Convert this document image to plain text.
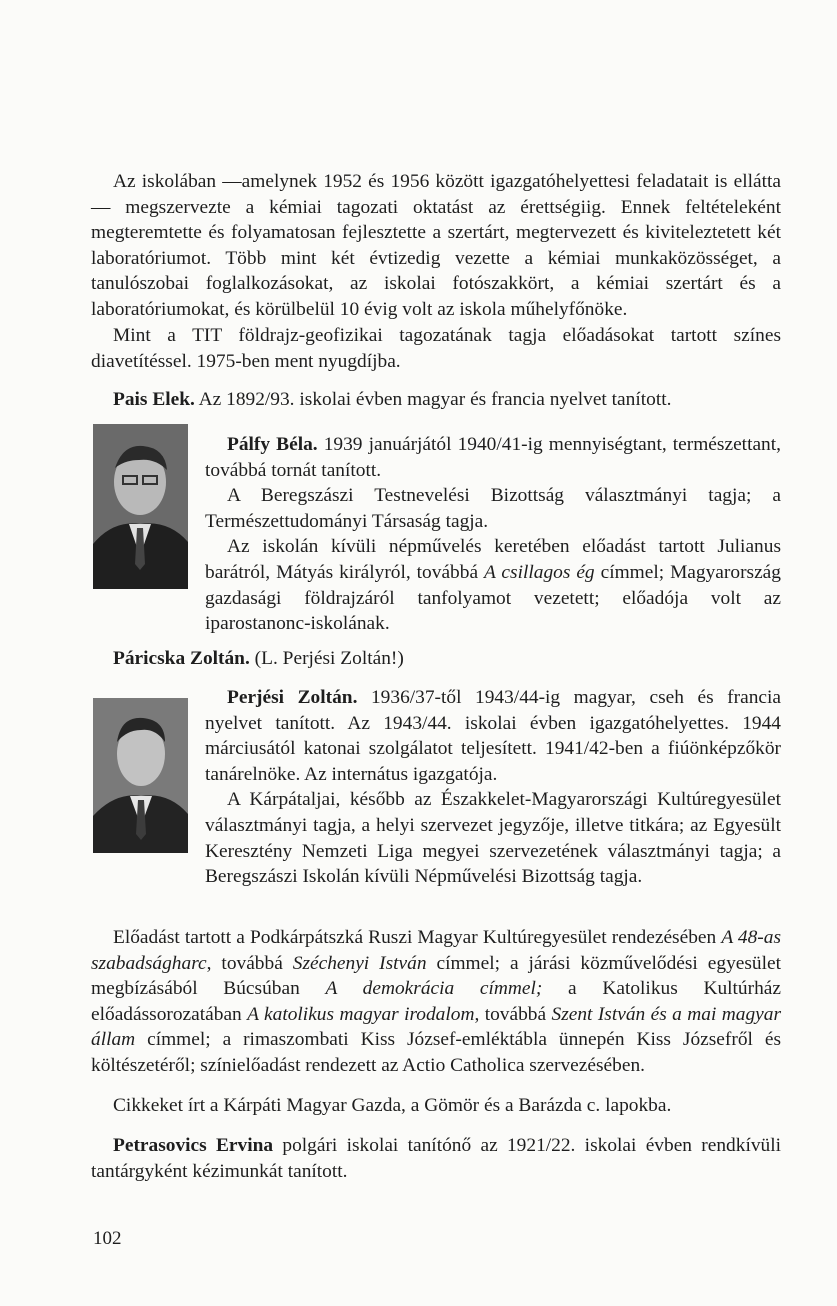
Az iskolában —amelynek 1952 és 1956 között igazgatóhelyettesi feladatait is ellátta — megszervezte a kémiai tagozati oktatást az érettségiig. Ennek feltételeként megteremtette és folyamatosan fejlesztette a szertárt, megtervezett és kiviteleztetett két laboratóriumot. Több mint két évtizedig vezette a kémiai munkaközösséget, a tanulószobai foglalkozásokat, az iskolai fotószakkört, a kémiai szertárt és a laboratóriumokat, és körülbelül 10 évig volt az iskola műhelyfőnöke.

Mint a TIT földrajz-geofizikai tagozatának tagja előadásokat tartott színes diavetítéssel. 1975-ben ment nyugdíjba.

Pais Elek. Az 1892/93. iskolai évben magyar és francia nyelvet tanított.

Pálfy Béla. 1939 januárjától 1940/41-ig mennyiségtant, természettant, továbbá tornát tanított.

A Beregszászi Testnevelési Bizottság választmányi tagja; a Természettudományi Társaság tagja.

Az iskolán kívüli népművelés keretében előadást tartott Julianus barátról, Mátyás királyról, továbbá A csillagos ég címmel; Magyarország gazdasági földrajzáról tanfolyamot vezetett; előadója volt az iparostanonc-iskolának.

Páricska Zoltán. (L. Perjési Zoltán!)

Perjési Zoltán. 1936/37-től 1943/44-ig magyar, cseh és francia nyelvet tanított. Az 1943/44. iskolai évben igazgatóhelyettes. 1944 márciusától katonai szolgálatot teljesített. 1941/42-ben a fiúönképzőkör tanárelnöke. Az internátus igazgatója.

A Kárpátaljai, később az Északkelet-Magyarországi Kultúregyesület választmányi tagja, a helyi szervezet jegyzője, illetve titkára; az Egyesült Keresztény Nemzeti Liga megyei szervezetének választmányi tagja; a Beregszászi Iskolán kívüli Népművelési Bizottság tagja.

Előadást tartott a Podkárpátszká Ruszi Magyar Kultúregyesület rendezésében A 48-as szabadságharc, továbbá Széchenyi István címmel; a járási közművelődési egyesület megbízásából Búcsúban A demokrácia címmel; a Katolikus Kultúrház előadássorozatában A katolikus magyar irodalom, továbbá Szent István és a mai magyar állam címmel; a rimaszombati Kiss József-emléktábla ünnepén Kiss Józsefről és költészetéről; színielőadást rendezett az Actio Catholica szervezésében.

Cikkeket írt a Kárpáti Magyar Gazda, a Gömör és a Barázda c. lapokba.

Petrasovics Ervina polgári iskolai tanítónő az 1921/22. iskolai évben rendkívüli tantárgyként kézimunkát tanított.

102
